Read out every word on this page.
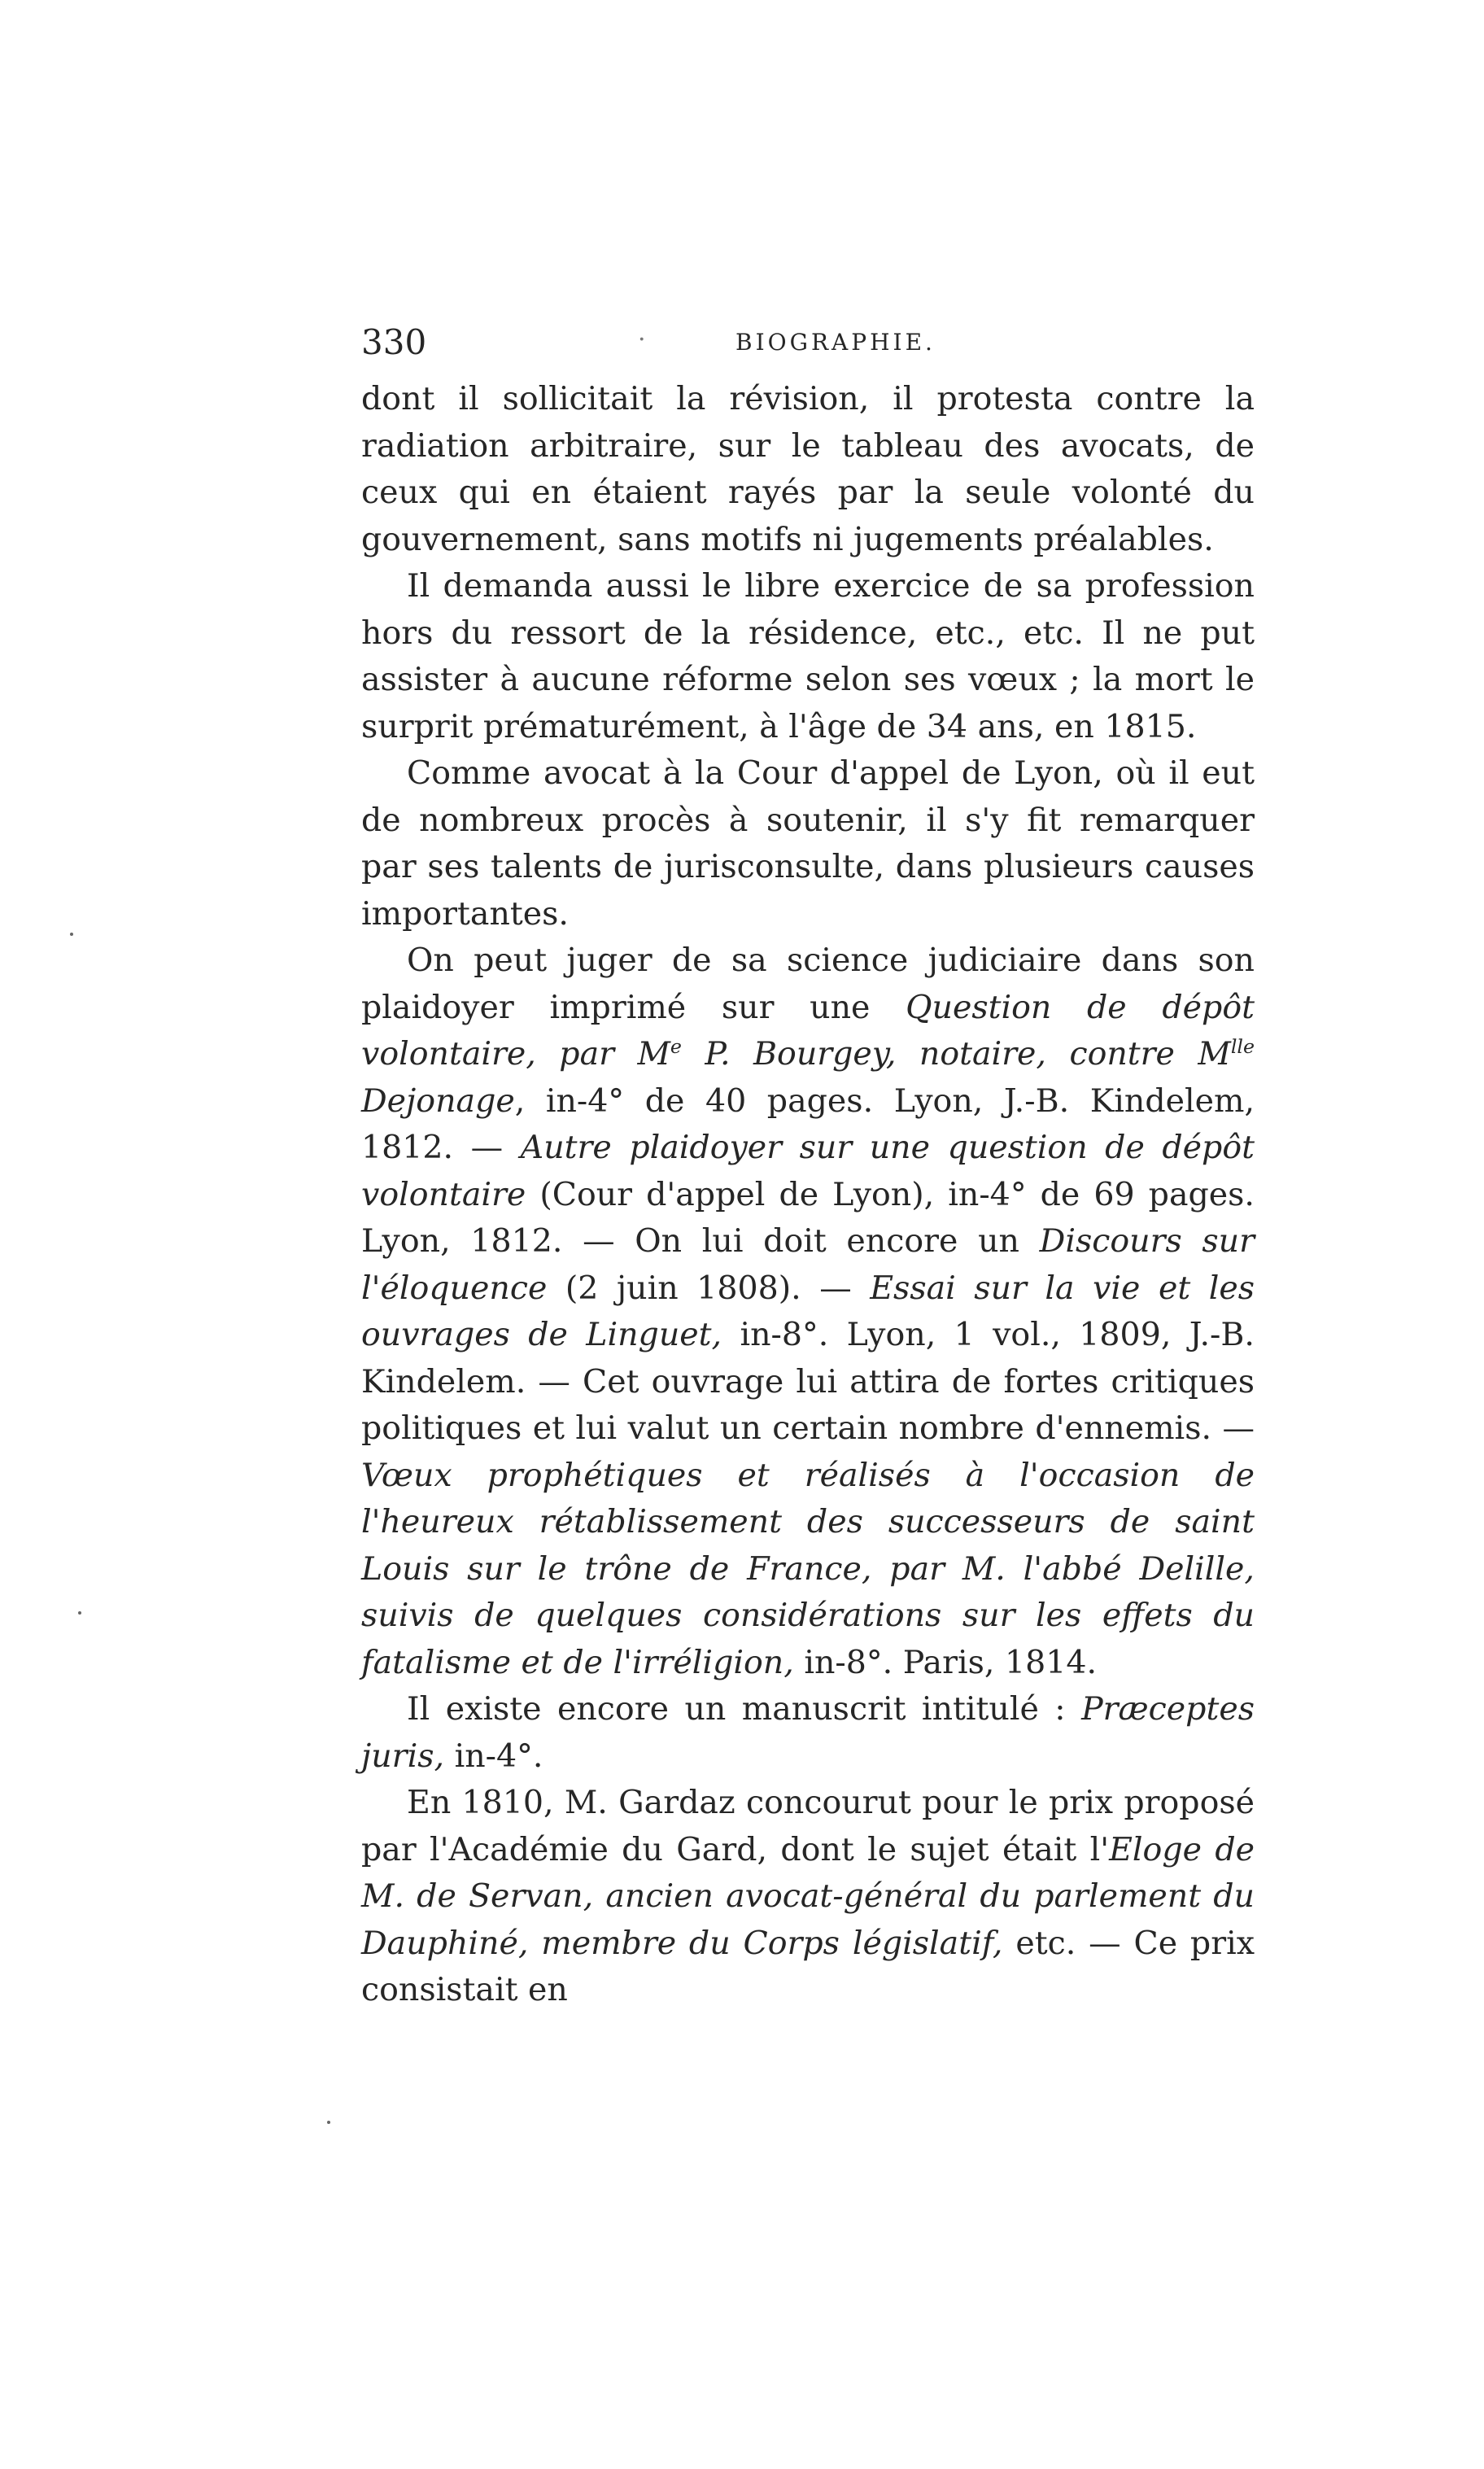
330	·	BIOGRAPHIE.

dont il sollicitait la révision, il protesta contre la radiation arbitraire, sur le tableau des avocats, de ceux qui en étaient rayés par la seule volonté du gouvernement, sans motifs ni jugements préalables.

Il demanda aussi le libre exercice de sa profession hors du ressort de la résidence, etc., etc. Il ne put assister à aucune réforme selon ses vœux ; la mort le surprit prématurément, à l'âge de 34 ans, en 1815.

Comme avocat à la Cour d'appel de Lyon, où il eut de nombreux procès à soutenir, il s'y fit remarquer par ses talents de jurisconsulte, dans plusieurs causes importantes.

On peut juger de sa science judiciaire dans son plaidoyer imprimé sur une Question de dépôt volontaire, par Me P. Bourgey, notaire, contre $M^{lle}$ Dejonage, in-4° de 40 pages. Lyon, J.-B. Kindelem, 1812. — Autre plaidoyer sur une question de dépôt volontaire (Cour d'appel de Lyon), in-4° de 69 pages. Lyon, 1812. — On lui doit encore un Discours sur l'éloquence (2 juin 1808). — Essai sur la vie et les ouvrages de Linguet, in-8°. Lyon, 1 vol., 1809, J.-B. Kindelem. — Cet ouvrage lui attira de fortes critiques politiques et lui valut un certain nombre d'ennemis. — Vœux prophétiques et réalisés à l'occasion de l'heureux rétablissement des successeurs de saint Louis sur le trône de France, par M. l'abbé Delille, suivis de quelques considérations sur les effets du fatalisme et de l'irréligion, in-8°. Paris, 1814.

Il existe encore un manuscrit intitulé : Præceptes juris, in-4°.

En 1810, M. Gardaz concourut pour le prix proposé par l'Académie du Gard, dont le sujet était l'Eloge de M. de Servan, ancien avocat-général du parlement du Dauphiné, membre du Corps législatif, etc. — Ce prix consistait en
